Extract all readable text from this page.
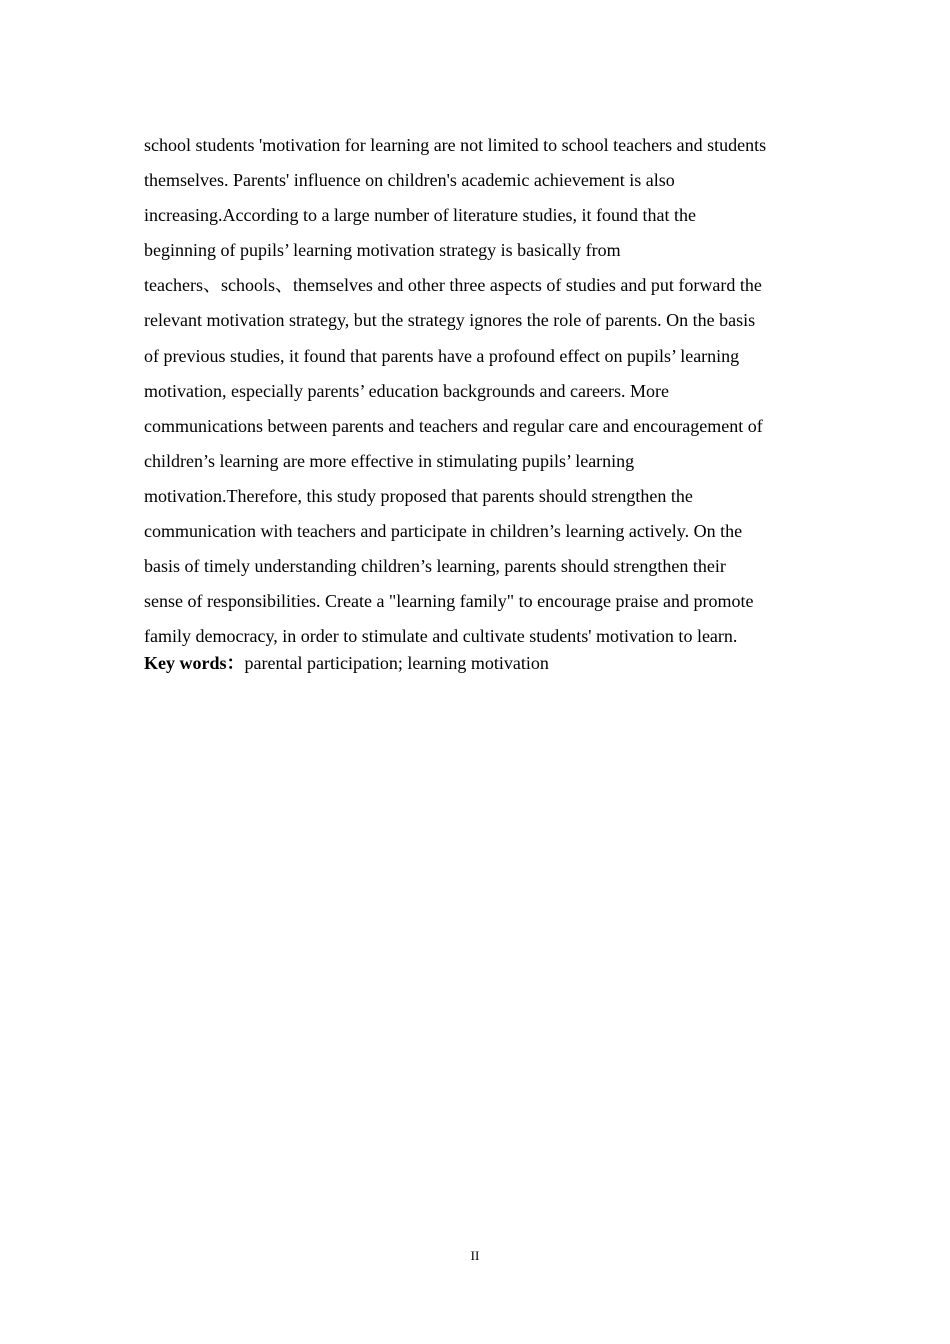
school students 'motivation for learning are not limited to school teachers and students
themselves. Parents' influence on children's academic achievement is also
increasing.According to a large number of literature studies, it found that the
beginning of pupils’ learning motivation strategy is basically from
teachers、schools、themselves and other three aspects of studies and put forward the
relevant motivation strategy, but the strategy ignores the role of parents. On the basis
of previous studies, it found that parents have a profound effect on pupils’ learning
motivation, especially parents’ education backgrounds and careers. More
communications between parents and teachers and regular care and encouragement of
children’s learning are more effective in stimulating pupils’ learning
motivation.Therefore, this study proposed that parents should strengthen the
communication with teachers and participate in children’s learning actively. On the
basis of timely understanding children’s learning, parents should strengthen their
sense of responsibilities. Create a "learning family" to encourage praise and promote
family democracy, in order to stimulate and cultivate students' motivation to learn.
Key words：parental participation; learning motivation
II
